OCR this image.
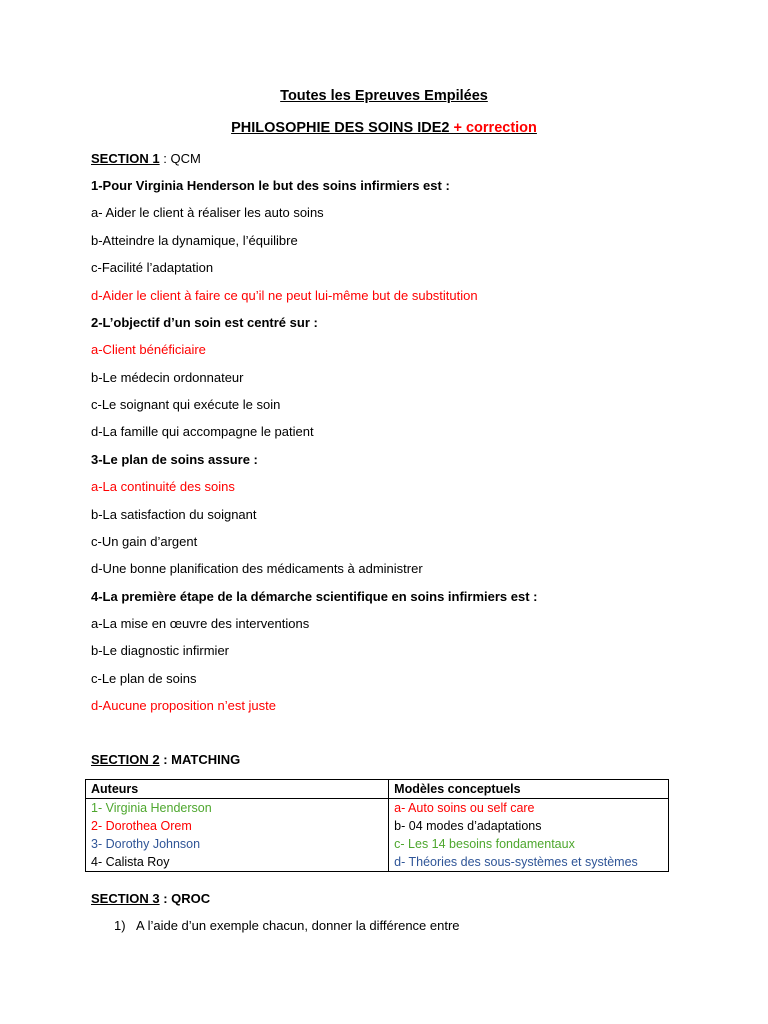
Toutes les Epreuves Empilées
PHILOSOPHIE DES SOINS IDE2 + correction
SECTION 1 : QCM
1-Pour Virginia Henderson le but des soins infirmiers est :
a- Aider le client à réaliser les auto soins
b-Atteindre la dynamique, l’équilibre
c-Facilité l’adaptation
d-Aider le client à faire ce qu’il ne peut lui-même but de substitution
2-L’objectif d’un soin est centré sur :
a-Client bénéficiaire
b-Le médecin ordonnateur
c-Le soignant qui exécute le soin
d-La famille qui accompagne le patient
3-Le plan de soins assure :
a-La continuité des soins
b-La satisfaction du soignant
c-Un gain d’argent
d-Une bonne planification des médicaments à administrer
4-La première étape de la démarche scientifique en soins infirmiers est :
a-La mise en œuvre des interventions
b-Le diagnostic infirmier
c-Le plan de soins
d-Aucune proposition n’est juste
SECTION 2 : MATCHING
Auteurs	Modèles conceptuels
1- Virginia Henderson	a- Auto soins ou self care
2- Dorothea Orem	b- 04 modes d’adaptations
3- Dorothy Johnson	c- Les 14 besoins fondamentaux
4- Calista Roy	d- Théories des sous-systèmes et systèmes
SECTION 3 : QROC
1) A l’aide d’un exemple chacun, donner la différence entre
